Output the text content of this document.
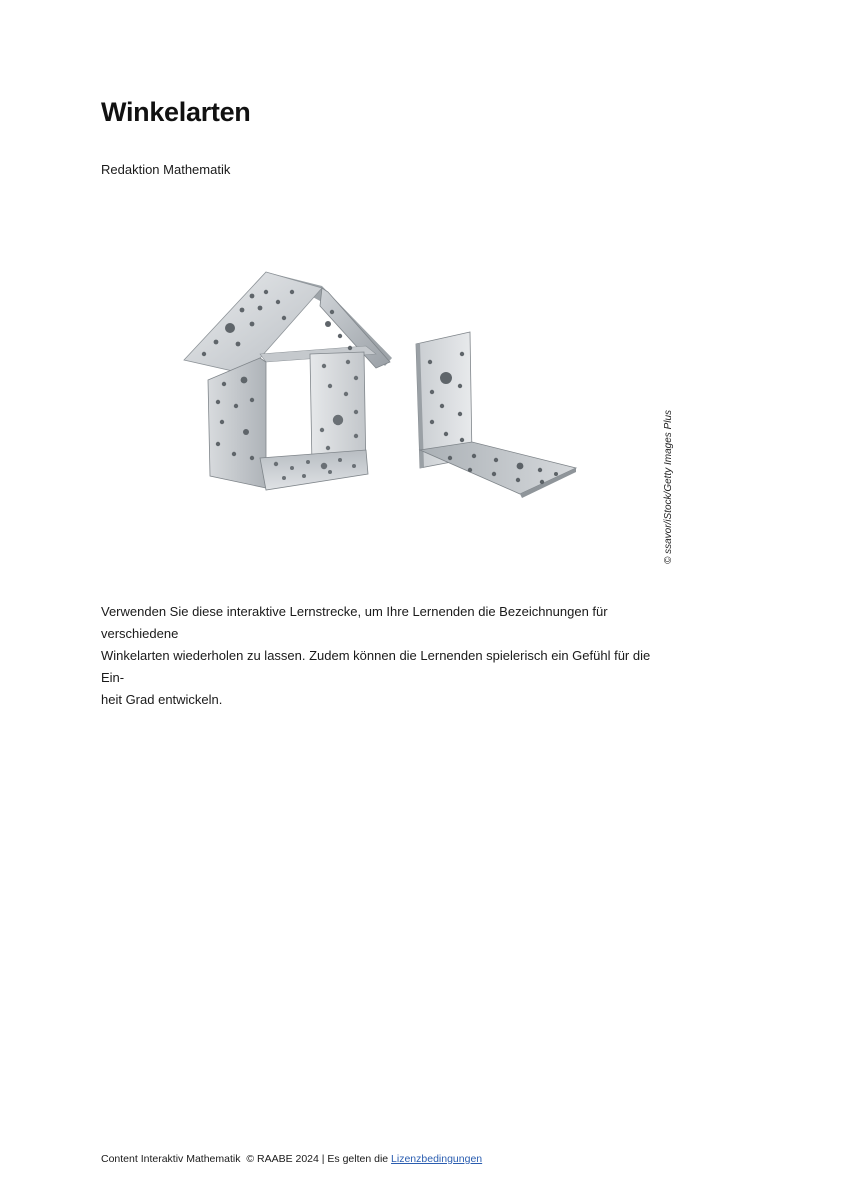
Winkelarten
Redaktion Mathematik
© ssavor/iStock/Getty Images Plus

Verwenden Sie diese interaktive Lernstrecke, um Ihre Lernenden die Bezeichnungen für verschiedene
Winkelarten wiederholen zu lassen. Zudem können die Lernenden spielerisch ein Gefühl für die Ein-
heit Grad entwickeln.

Content Interaktiv Mathematik © RAABE 2024 | Es gelten die Lizenzbedingungen
